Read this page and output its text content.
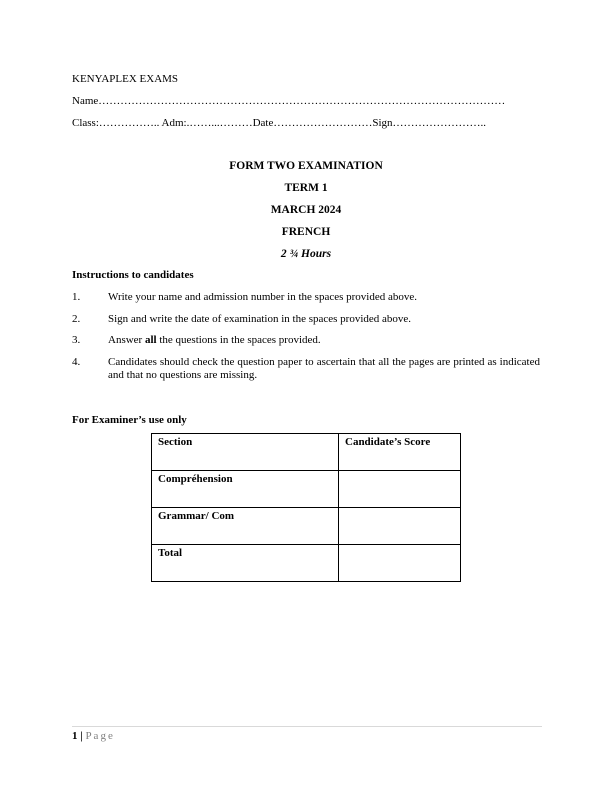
KENYAPLEX EXAMS
Name…………………………………………………………………………………………………
Class:…………….. Adm:.……...………Date………………………Sign……………………..
FORM TWO EXAMINATION
TERM 1
MARCH 2024
FRENCH
2 ¾ Hours
Instructions to candidates
1.	Write your name and admission number in the spaces provided above.
2.	Sign and write the date of examination in the spaces provided above.
3.	Answer all the questions in the spaces provided.
4.	Candidates should check the question paper to ascertain that all the pages are printed as indicated and that no questions are missing.
For Examiner’s use only
Section	Candidate’s Score
Compréhension	
Grammar/ Com	
Total	
1 | Page
